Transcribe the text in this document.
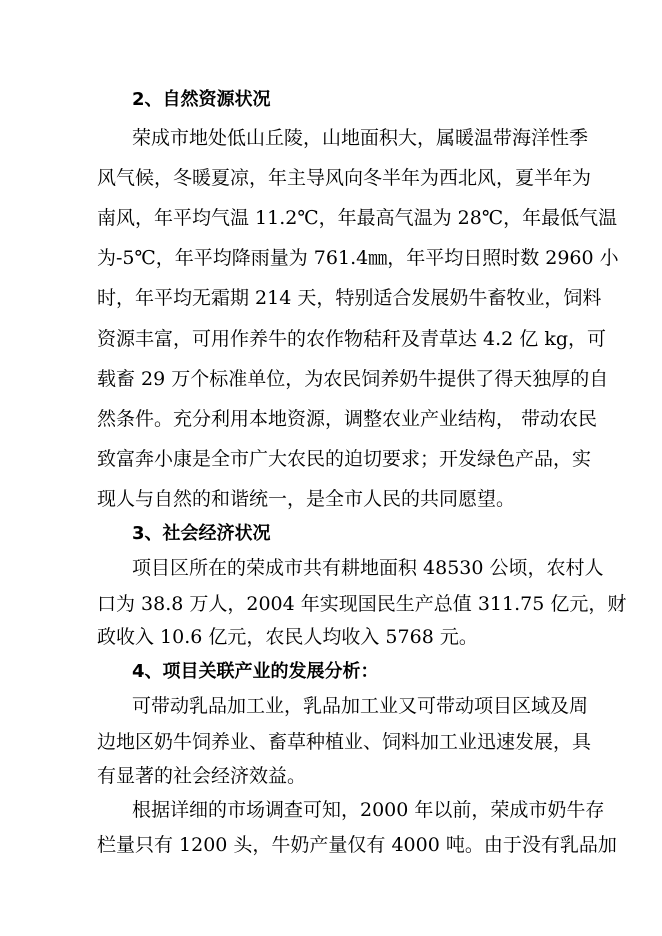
2、自然资源状况
荣成市地处低山丘陵，山地面积大，属暖温带海洋性季
风气候，冬暖夏凉，年主导风向冬半年为西北风，夏半年为
南风，年平均气温 11.2℃，年最高气温为 28℃，年最低气温
为-5℃，年平均降雨量为 761.4㎜，年平均日照时数 2960 小
时，年平均无霜期 214 天，特别适合发展奶牛畜牧业，饲料
资源丰富，可用作养牛的农作物秸秆及青草达 4.2 亿 kg，可
载畜 29 万个标准单位，为农民饲养奶牛提供了得天独厚的自
然条件。充分利用本地资源，调整农业产业结构， 带动农民
致富奔小康是全市广大农民的迫切要求；开发绿色产品，实
现人与自然的和谐统一，是全市人民的共同愿望。
3、社会经济状况
项目区所在的荣成市共有耕地面积 48530 公顷，农村人
口为 38.8 万人，2004 年实现国民生产总值 311.75 亿元，财
政收入 10.6 亿元，农民人均收入 5768 元。
4、项目关联产业的发展分析：
可带动乳品加工业，乳品加工业又可带动项目区域及周
边地区奶牛饲养业、畜草种植业、饲料加工业迅速发展，具
有显著的社会经济效益。
根据详细的市场调查可知，2000 年以前，荣成市奶牛存
栏量只有 1200 头，牛奶产量仅有 4000 吨。由于没有乳品加
